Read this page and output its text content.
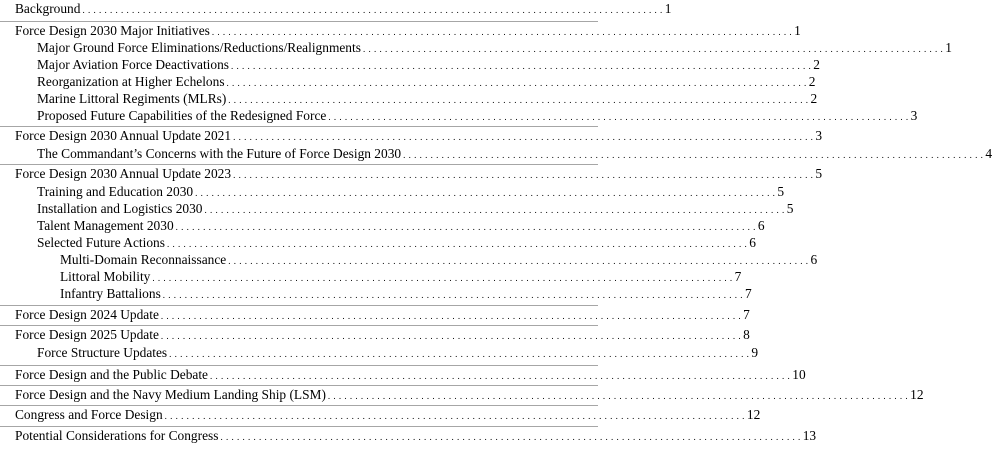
Background . . . . . . . . . . . . . . . . . . . . . . . . . . . . . . . . . . . . . . . . . . . . . . . . . . . . . . . . . . . . . . . . . . . . . . . . . . . . . . . . . . . . . . . . . . . . . . . . . . . . . . . . . . 1
Force Design 2030 Major Initiatives . . . . . . . . . . . . . . . . . . . . . . . . . . . . . . . . . . . . . . . . . . . . . . . . . . . . . . . . . . . . . . . . . . . . . . . . . . . . . . . . . . . . . . . . . . . . . . . . . . . . . . . . . . 1
Major Ground Force Eliminations/Reductions/Realignments . . . . . . . . . . . . . . . . . . . . . . . . . . . . . . . . . . . . . . . . . . . . . . . . . . . . . . . . . . . . . . . . . . . . . . . . . . . . . . . . . . . . . . . . . . . . . . . . . . . . . . . . . . 1
Major Aviation Force Deactivations . . . . . . . . . . . . . . . . . . . . . . . . . . . . . . . . . . . . . . . . . . . . . . . . . . . . . . . . . . . . . . . . . . . . . . . . . . . . . . . . . . . . . . . . . . . . . . . . . . . . . . . . . . 2
Reorganization at Higher Echelons . . . . . . . . . . . . . . . . . . . . . . . . . . . . . . . . . . . . . . . . . . . . . . . . . . . . . . . . . . . . . . . . . . . . . . . . . . . . . . . . . . . . . . . . . . . . . . . . . . . . . . . . . . 2
Marine Littoral Regiments (MLRs) . . . . . . . . . . . . . . . . . . . . . . . . . . . . . . . . . . . . . . . . . . . . . . . . . . . . . . . . . . . . . . . . . . . . . . . . . . . . . . . . . . . . . . . . . . . . . . . . . . . . . . . . . . 2
Proposed Future Capabilities of the Redesigned Force . . . . . . . . . . . . . . . . . . . . . . . . . . . . . . . . . . . . . . . . . . . . . . . . . . . . . . . . . . . . . . . . . . . . . . . . . . . . . . . . . . . . . . . . . . . . . . . . . . . . . . . . . . 3
Force Design 2030 Annual Update 2021 . . . . . . . . . . . . . . . . . . . . . . . . . . . . . . . . . . . . . . . . . . . . . . . . . . . . . . . . . . . . . . . . . . . . . . . . . . . . . . . . . . . . . . . . . . . . . . . . . . . . . . . . . . 3
The Commandant’s Concerns with the Future of Force Design 2030 . . . . . . . . . . . . . . . . . . . . . . . . . . . . . . . . . . . . . . . . . . . . . . . . . . . . . . . . . . . . . . . . . . . . . . . . . . . . . . . . . . . . . . . . . . . . . . . . . . . . . . . . . . 4
Force Design 2030 Annual Update 2023 . . . . . . . . . . . . . . . . . . . . . . . . . . . . . . . . . . . . . . . . . . . . . . . . . . . . . . . . . . . . . . . . . . . . . . . . . . . . . . . . . . . . . . . . . . . . . . . . . . . . . . . . . . 5
Training and Education 2030 . . . . . . . . . . . . . . . . . . . . . . . . . . . . . . . . . . . . . . . . . . . . . . . . . . . . . . . . . . . . . . . . . . . . . . . . . . . . . . . . . . . . . . . . . . . . . . . . . . . . . . . . . . 5
Installation and Logistics 2030 . . . . . . . . . . . . . . . . . . . . . . . . . . . . . . . . . . . . . . . . . . . . . . . . . . . . . . . . . . . . . . . . . . . . . . . . . . . . . . . . . . . . . . . . . . . . . . . . . . . . . . . . . . 5
Talent Management 2030 . . . . . . . . . . . . . . . . . . . . . . . . . . . . . . . . . . . . . . . . . . . . . . . . . . . . . . . . . . . . . . . . . . . . . . . . . . . . . . . . . . . . . . . . . . . . . . . . . . . . . . . . . . 6
Selected Future Actions . . . . . . . . . . . . . . . . . . . . . . . . . . . . . . . . . . . . . . . . . . . . . . . . . . . . . . . . . . . . . . . . . . . . . . . . . . . . . . . . . . . . . . . . . . . . . . . . . . . . . . . . . . 6
Multi-Domain Reconnaissance . . . . . . . . . . . . . . . . . . . . . . . . . . . . . . . . . . . . . . . . . . . . . . . . . . . . . . . . . . . . . . . . . . . . . . . . . . . . . . . . . . . . . . . . . . . . . . . . . . . . . . . . . . 6
Littoral Mobility . . . . . . . . . . . . . . . . . . . . . . . . . . . . . . . . . . . . . . . . . . . . . . . . . . . . . . . . . . . . . . . . . . . . . . . . . . . . . . . . . . . . . . . . . . . . . . . . . . . . . . . . . . 7
Infantry Battalions . . . . . . . . . . . . . . . . . . . . . . . . . . . . . . . . . . . . . . . . . . . . . . . . . . . . . . . . . . . . . . . . . . . . . . . . . . . . . . . . . . . . . . . . . . . . . . . . . . . . . . . . . . 7
Force Design 2024 Update . . . . . . . . . . . . . . . . . . . . . . . . . . . . . . . . . . . . . . . . . . . . . . . . . . . . . . . . . . . . . . . . . . . . . . . . . . . . . . . . . . . . . . . . . . . . . . . . . . . . . . . . . . 7
Force Design 2025 Update . . . . . . . . . . . . . . . . . . . . . . . . . . . . . . . . . . . . . . . . . . . . . . . . . . . . . . . . . . . . . . . . . . . . . . . . . . . . . . . . . . . . . . . . . . . . . . . . . . . . . . . . . . 8
Force Structure Updates . . . . . . . . . . . . . . . . . . . . . . . . . . . . . . . . . . . . . . . . . . . . . . . . . . . . . . . . . . . . . . . . . . . . . . . . . . . . . . . . . . . . . . . . . . . . . . . . . . . . . . . . . . 9
Force Design and the Public Debate . . . . . . . . . . . . . . . . . . . . . . . . . . . . . . . . . . . . . . . . . . . . . . . . . . . . . . . . . . . . . . . . . . . . . . . . . . . . . . . . . . . . . . . . . . . . . . . . . . . . . . . . . . 10
Force Design and the Navy Medium Landing Ship (LSM) . . . . . . . . . . . . . . . . . . . . . . . . . . . . . . . . . . . . . . . . . . . . . . . . . . . . . . . . . . . . . . . . . . . . . . . . . . . . . . . . . . . . . . . . . . . . . . . . . . . . . . . . . . 12
Congress and Force Design . . . . . . . . . . . . . . . . . . . . . . . . . . . . . . . . . . . . . . . . . . . . . . . . . . . . . . . . . . . . . . . . . . . . . . . . . . . . . . . . . . . . . . . . . . . . . . . . . . . . . . . . . . 12
Potential Considerations for Congress . . . . . . . . . . . . . . . . . . . . . . . . . . . . . . . . . . . . . . . . . . . . . . . . . . . . . . . . . . . . . . . . . . . . . . . . . . . . . . . . . . . . . . . . . . . . . . . . . . . . . . . . . . 13
